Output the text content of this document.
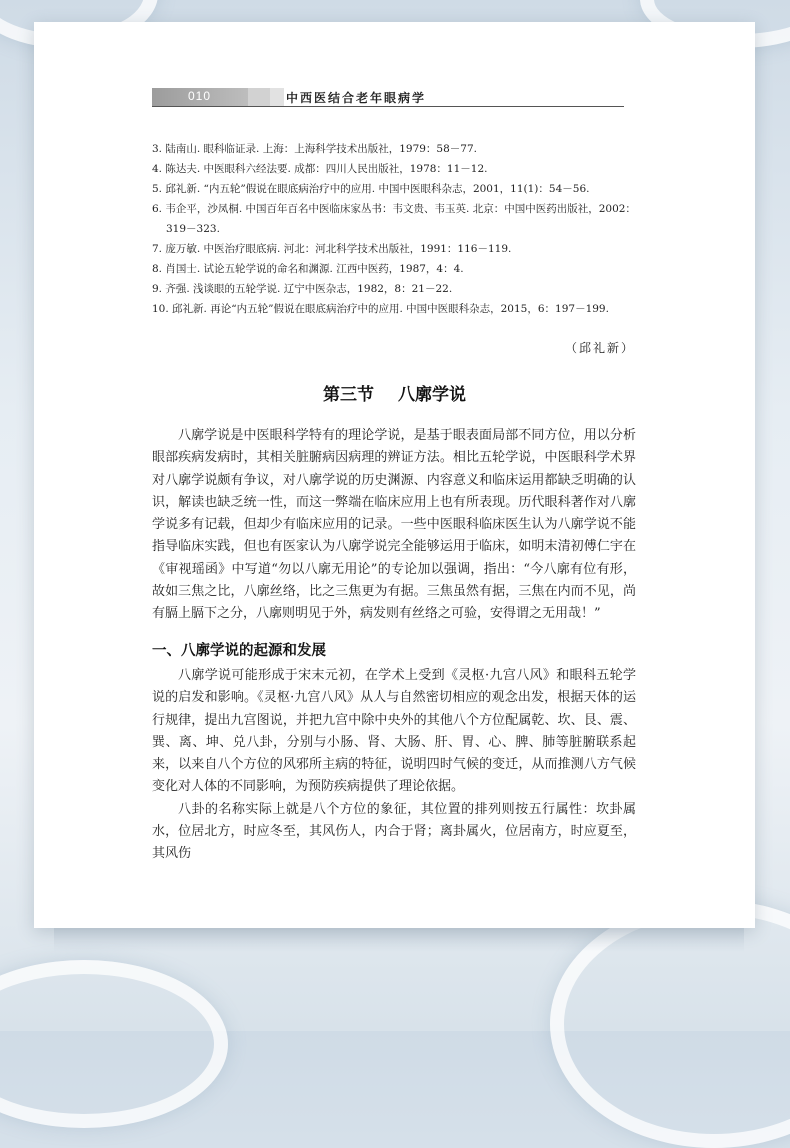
010	中西医结合老年眼病学
3. 陆南山. 眼科临证录. 上海：上海科学技术出版社，1979：58－77.
4. 陈达夫. 中医眼科六经法要. 成都：四川人民出版社，1978：11－12.
5. 邱礼新. “内五轮”假说在眼底病治疗中的应用. 中国中医眼科杂志，2001，11(1)：54－56.
6. 韦企平，沙凤桐. 中国百年百名中医临床家丛书：韦文贵、韦玉英. 北京：中国中医药出版社，2002：
319－323.
7. 庞万敏. 中医治疗眼底病. 河北：河北科学技术出版社，1991：116－119.
8. 肖国士. 试论五轮学说的命名和渊源. 江西中医药，1987，4：4.
9. 齐强. 浅谈眼的五轮学说. 辽宁中医杂志，1982，8：21－22.
10. 邱礼新. 再论“内五轮”假说在眼底病治疗中的应用. 中国中医眼科杂志，2015，6：197－199.
（邱礼新）
第三节 八廓学说

八廓学说是中医眼科学特有的理论学说，是基于眼表面局部不同方位，用以分析眼部疾病发病时，其相关脏腑病因病理的辨证方法。相比五轮学说，中医眼科学术界对八廓学说颇有争议，对八廓学说的历史渊源、内容意义和临床运用都缺乏明确的认识，解读也缺乏统一性，而这一弊端在临床应用上也有所表现。历代眼科著作对八廓学说多有记载，但却少有临床应用的记录。一些中医眼科临床医生认为八廓学说不能指导临床实践，但也有医家认为八廓学说完全能够运用于临床，如明末清初傅仁宇在《审视瑶函》中写道“勿以八廓无用论”的专论加以强调，指出：“今八廓有位有形，故如三焦之比，八廓丝络，比之三焦更为有据。三焦虽然有据，三焦在内而不见，尚有膈上膈下之分，八廓则明见于外，病发则有丝络之可验，安得谓之无用哉！”

一、八廓学说的起源和发展

八廓学说可能形成于宋末元初，在学术上受到《灵枢·九宫八风》和眼科五轮学说的启发和影响。《灵枢·九宫八风》从人与自然密切相应的观念出发，根据天体的运行规律，提出九宫图说，并把九宫中除中央外的其他八个方位配属乾、坎、艮、震、巽、离、坤、兑八卦，分别与小肠、肾、大肠、肝、胃、心、脾、肺等脏腑联系起来，以来自八个方位的风邪所主病的特征，说明四时气候的变迁，从而推测八方气候变化对人体的不同影响，为预防疾病提供了理论依据。

八卦的名称实际上就是八个方位的象征，其位置的排列则按五行属性：坎卦属水，位居北方，时应冬至，其风伤人，内合于肾；离卦属火，位居南方，时应夏至，其风伤
